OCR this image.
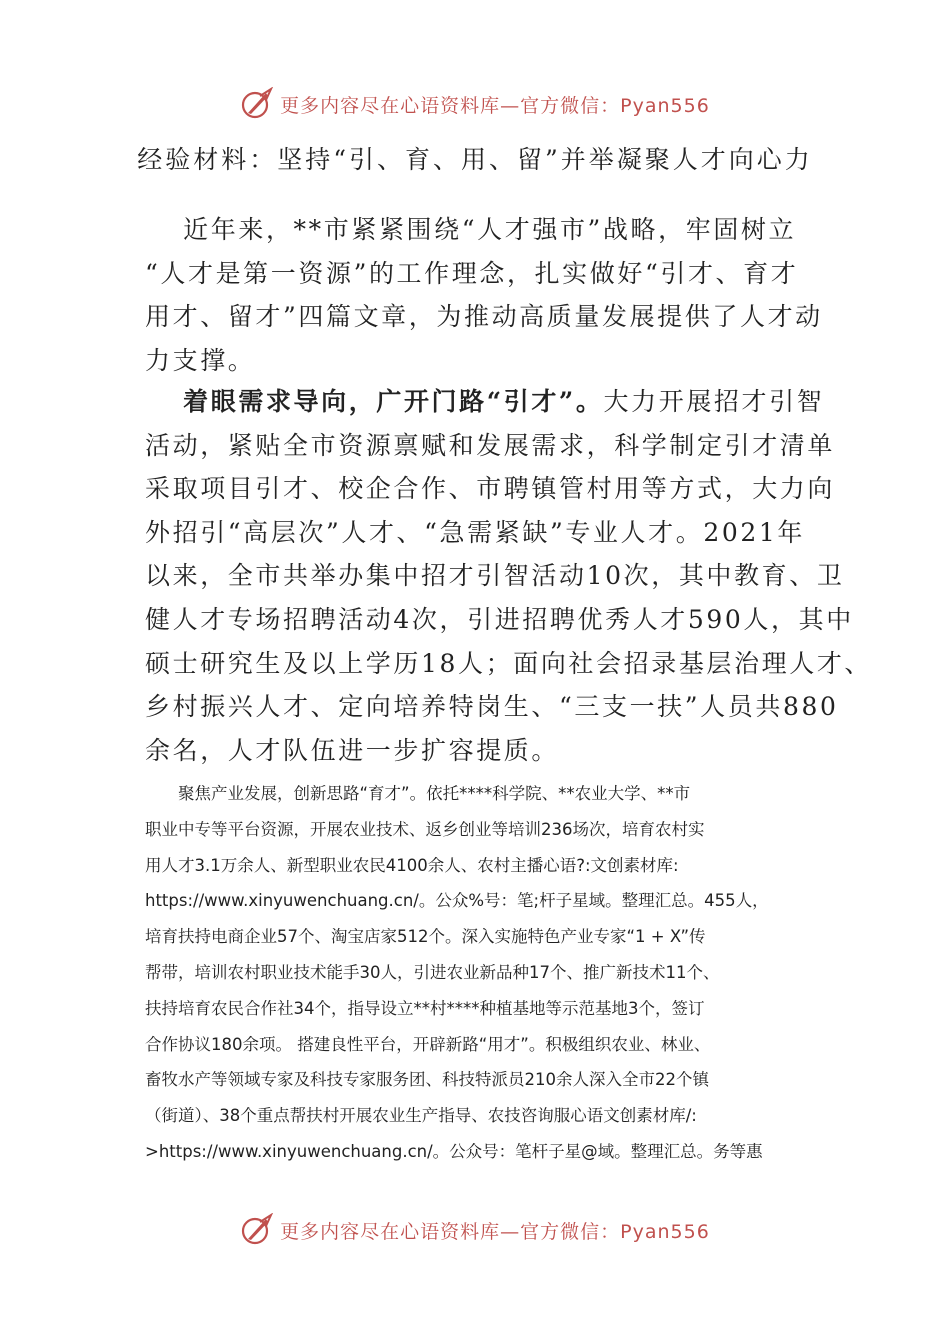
更多内容尽在心语资料库—官方微信：Pyan556
经验材料：坚持“引、育、用、留”并举凝聚人才向心力
　 近年来，**市紧紧围绕“人才强市”战略，牢固树立
“人才是第一资源”的工作理念，扎实做好“引才、育才
用才、留才”四篇文章，为推动高质量发展提供了人才动
力支撑。
　 着眼需求导向，广开门路“引才”。大力开展招才引智
活动，紧贴全市资源禀赋和发展需求，科学制定引才清单
采取项目引才、校企合作、市聘镇管村用等方式，大力向
外招引“高层次”人才、“急需紧缺”专业人才。2021年
以来，全市共举办集中招才引智活动10次，其中教育、卫
健人才专场招聘活动4次，引进招聘优秀人才590人，其中
硕士研究生及以上学历18人；面向社会招录基层治理人才、
乡村振兴人才、定向培养特岗生、“三支一扶”人员共880
余名，人才队伍进一步扩容提质。
　　聚焦产业发展，创新思路“育才”。依托****科学院、**农业大学、**市
职业中专等平台资源，开展农业技术、返乡创业等培训236场次，培育农村实
用人才3.1万余人、新型职业农民4100余人、农村主播心语?:文创素材库:
https://www.xinyuwenchuang.cn/。公众%号：笔;杆子星域。整理汇总。455人，
培育扶持电商企业57个、淘宝店家512个。深入实施特色产业专家“1 + X”传
帮带，培训农村职业技术能手30人，引进农业新品种17个、推广新技术11个、
扶持培育农民合作社34个，指导设立**村****种植基地等示范基地3个，签订
合作协议180余项。 搭建良性平台，开辟新路“用才”。积极组织农业、林业、
畜牧水产等领域专家及科技专家服务团、科技特派员210余人深入全市22个镇
（街道）、38个重点帮扶村开展农业生产指导、农技咨询服心语文创素材库/:
>https://www.xinyuwenchuang.cn/。公众号：笔杆子星@域。整理汇总。务等惠
更多内容尽在心语资料库—官方微信：Pyan556
